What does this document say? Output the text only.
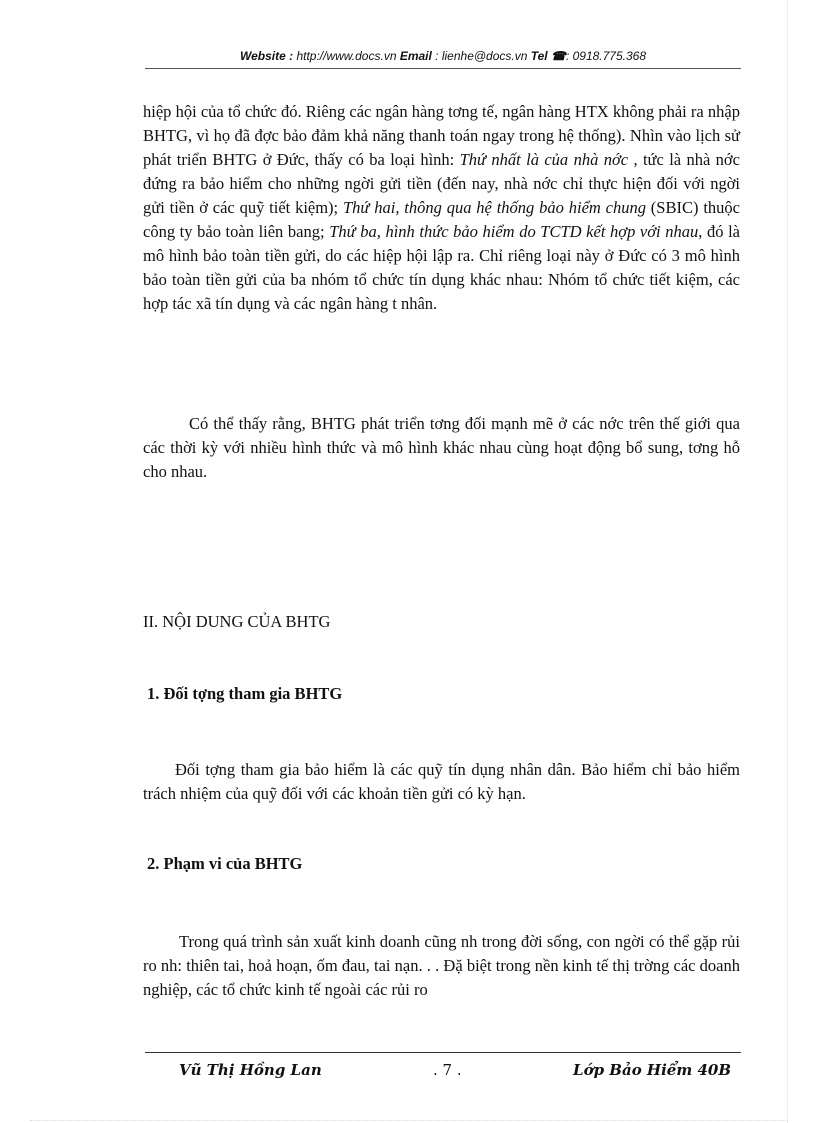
Website : http://www.docs.vn Email : lienhe@docs.vn Tel ☎: 0918.775.368
hiệp hội của tổ chức đó. Riêng các ngân hàng tơng tế, ngân hàng HTX không phải ra nhập BHTG, vì họ đã đợc bảo đảm khả năng thanh toán ngay trong hệ thống). Nhìn vào lịch sử phát triển BHTG ở Đức, thấy có ba loại hình: Thứ nhất là của nhà nớc , tức là nhà nớc đứng ra bảo hiểm cho những ngời gửi tiền (đến nay, nhà nớc chỉ thực hiện đối với ngời gửi tiền ở các quỹ tiết kiệm); Thứ hai, thông qua hệ thống bảo hiểm chung (SBIC) thuộc công ty bảo toàn liên bang; Thứ ba, hình thức bảo hiểm do TCTD kết hợp với nhau, đó là mô hình bảo toàn tiền gửi, do các hiệp hội lập ra. Chỉ riêng loại này ở Đức có 3 mô hình bảo toàn tiền gửi của ba nhóm tổ chức tín dụng khác nhau: Nhóm tổ chức tiết kiệm, các hợp tác xã tín dụng và các ngân hàng t nhân.
Có thể thấy rằng, BHTG phát triển tơng đối mạnh mẽ ở các nớc trên thế giới qua các thời kỳ với nhiều hình thức và mô hình khác nhau cùng hoạt động bổ sung, tơng hỗ cho nhau.
II. NỘI DUNG CỦA BHTG
1. Đối tợng tham gia BHTG
Đối tợng tham gia bảo hiểm là các quỹ tín dụng nhân dân. Bảo hiểm chỉ bảo hiểm trách nhiệm của quỹ đối với các khoản tiền gửi có kỳ hạn.
2. Phạm vi của BHTG
Trong quá trình sản xuất kinh doanh cũng nh trong đời sống, con ngời có thể gặp rủi ro nh: thiên tai, hoả hoạn, ốm đau, tai nạn. . . Đặ biệt trong nền kinh tế thị trờng các doanh nghiệp, các tổ chức kinh tế ngoài các rủi ro
Vũ Thị Hồng Lan	. 7 .	Lớp Bảo Hiểm 40B
